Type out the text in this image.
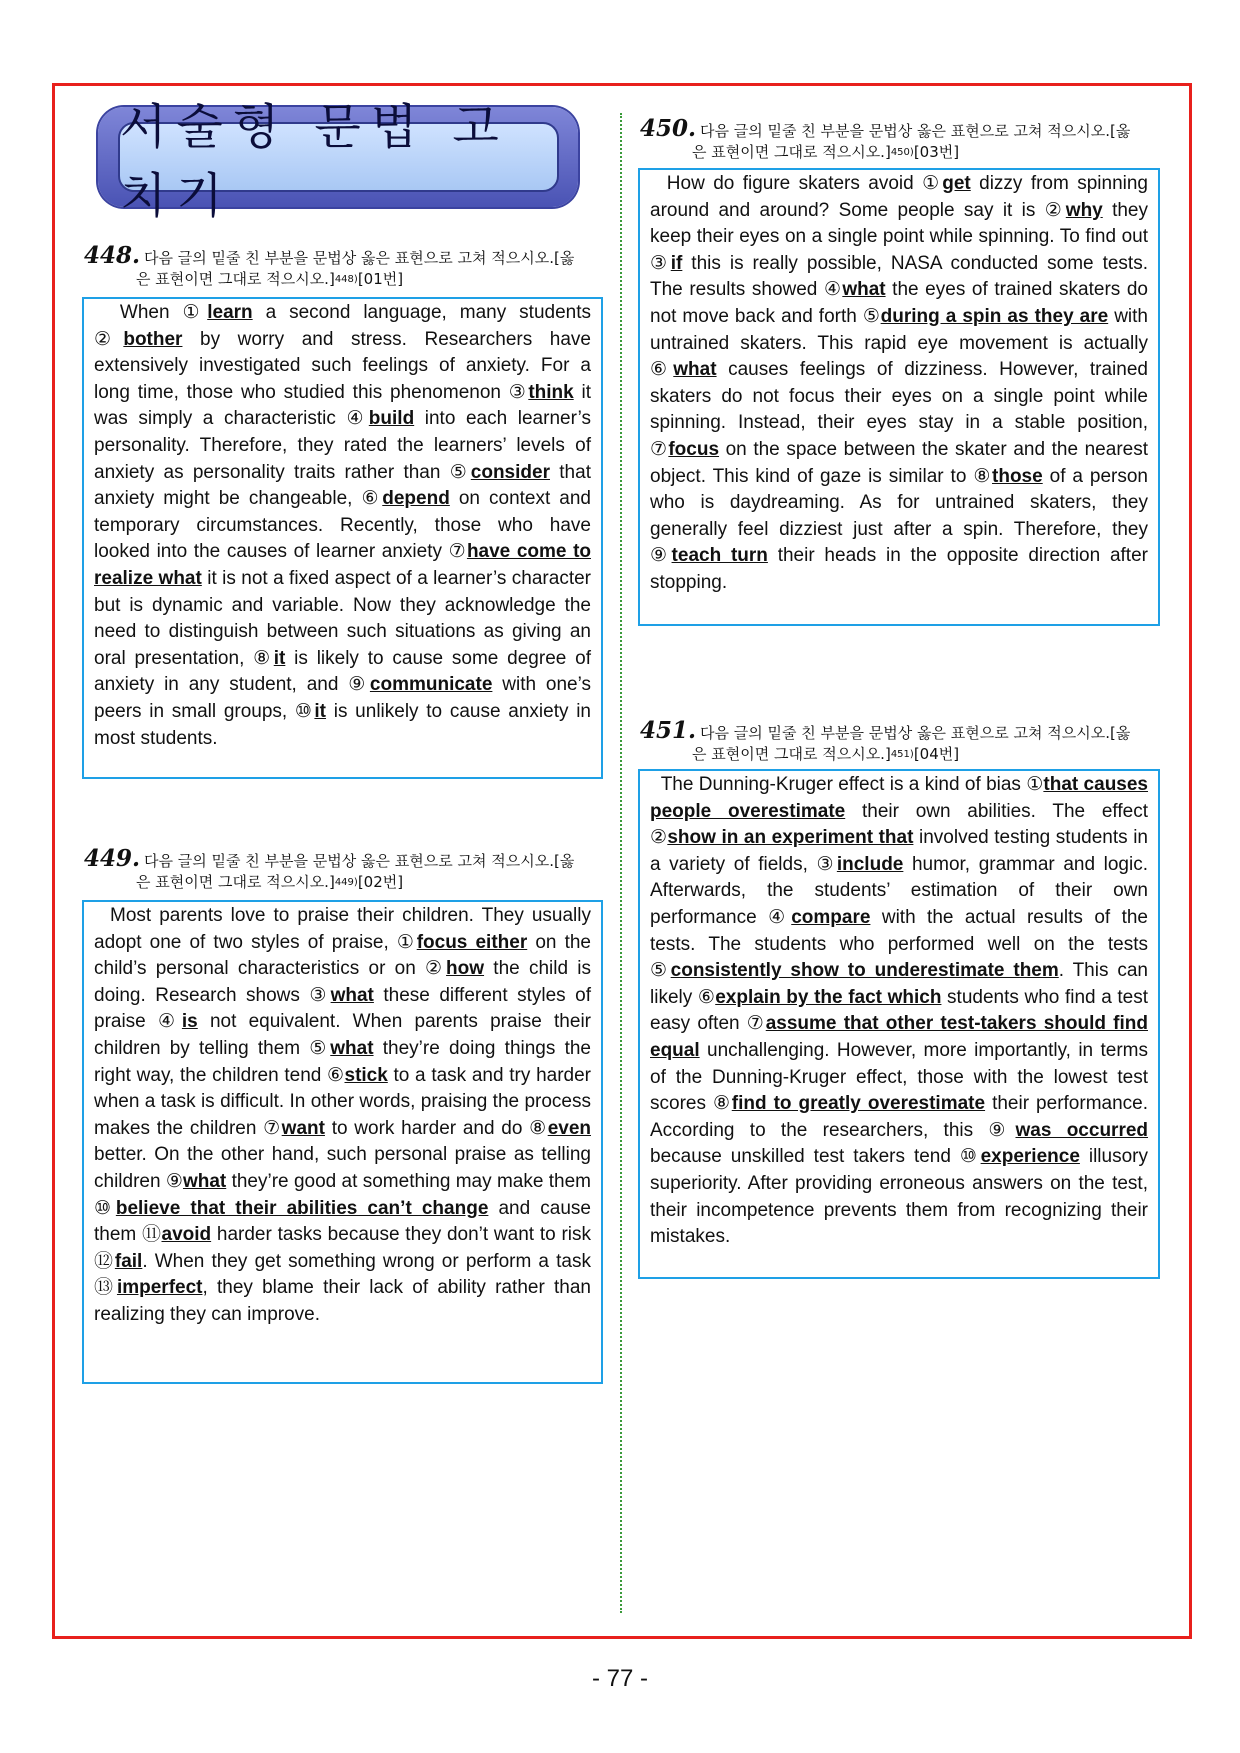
서술형 문법 고치기
448. 다음 글의 밑줄 친 부분을 문법상 옳은 표현으로 고쳐 적으시오.[옳
은 표현이면 그대로 적으시오.]$^{448)}$[01번]
When ①learn a second language, many students ②bother by worry and stress. Researchers have extensively investigated such feelings of anxiety. For a long time, those who studied this phenomenon ③think it was simply a characteristic ④build into each learner’s personality. Therefore, they rated the learners’ levels of anxiety as personality traits rather than ⑤consider that anxiety might be changeable, ⑥depend on context and temporary circumstances. Recently, those who have looked into the causes of learner anxiety ⑦have come to realize what it is not a fixed aspect of a learner’s character but is dynamic and variable. Now they acknowledge the need to distinguish between such situations as giving an oral presentation, ⑧it is likely to cause some degree of anxiety in any student, and ⑨communicate with one’s peers in small groups, ⑩it is unlikely to cause anxiety in most students.
449. 다음 글의 밑줄 친 부분을 문법상 옳은 표현으로 고쳐 적으시오.[옳
은 표현이면 그대로 적으시오.]$^{449)}$[02번]
Most parents love to praise their children. They usually adopt one of two styles of praise, ①focus either on the child’s personal characteristics or on ②how the child is doing. Research shows ③what these different styles of praise ④is not equivalent. When parents praise their children by telling them ⑤what they’re doing things the right way, the children tend ⑥stick to a task and try harder when a task is difficult. In other words, praising the process makes the children ⑦want to work harder and do ⑧even better. On the other hand, such personal praise as telling children ⑨what they’re good at something may make them ⑩believe that their abilities can’t change and cause them ⑪avoid harder tasks because they don’t want to risk ⑫fail. When they get something wrong or perform a task ⑬imperfect, they blame their lack of ability rather than realizing they can improve.
450. 다음 글의 밑줄 친 부분을 문법상 옳은 표현으로 고쳐 적으시오.[옳
은 표현이면 그대로 적으시오.]$^{450)}$[03번]
How do figure skaters avoid ①get dizzy from spinning around and around? Some people say it is ②why they keep their eyes on a single point while spinning. To find out ③if this is really possible, NASA conducted some tests. The results showed ④what the eyes of trained skaters do not move back and forth ⑤during a spin as they are with untrained skaters. This rapid eye movement is actually ⑥what causes feelings of dizziness. However, trained skaters do not focus their eyes on a single point while spinning. Instead, their eyes stay in a stable position, ⑦focus on the space between the skater and the nearest object. This kind of gaze is similar to ⑧those of a person who is daydreaming. As for untrained skaters, they generally feel dizziest just after a spin. Therefore, they ⑨teach turn their heads in the opposite direction after stopping.
451. 다음 글의 밑줄 친 부분을 문법상 옳은 표현으로 고쳐 적으시오.[옳
은 표현이면 그대로 적으시오.]$^{451)}$[04번]
The Dunning-Kruger effect is a kind of bias ①that causes people overestimate their own abilities. The effect ②show in an experiment that involved testing students in a variety of fields, ③include humor, grammar and logic. Afterwards, the students’ estimation of their own performance ④compare with the actual results of the tests. The students who performed well on the tests ⑤consistently show to underestimate them. This can likely ⑥explain by the fact which students who find a test easy often ⑦assume that other test-takers should find equal unchallenging. However, more importantly, in terms of the Dunning-Kruger effect, those with the lowest test scores ⑧find to greatly overestimate their performance. According to the researchers, this ⑨was occurred because unskilled test takers tend ⑩experience illusory superiority. After providing erroneous answers on the test, their incompetence prevents them from recognizing their mistakes.
- 77 -
